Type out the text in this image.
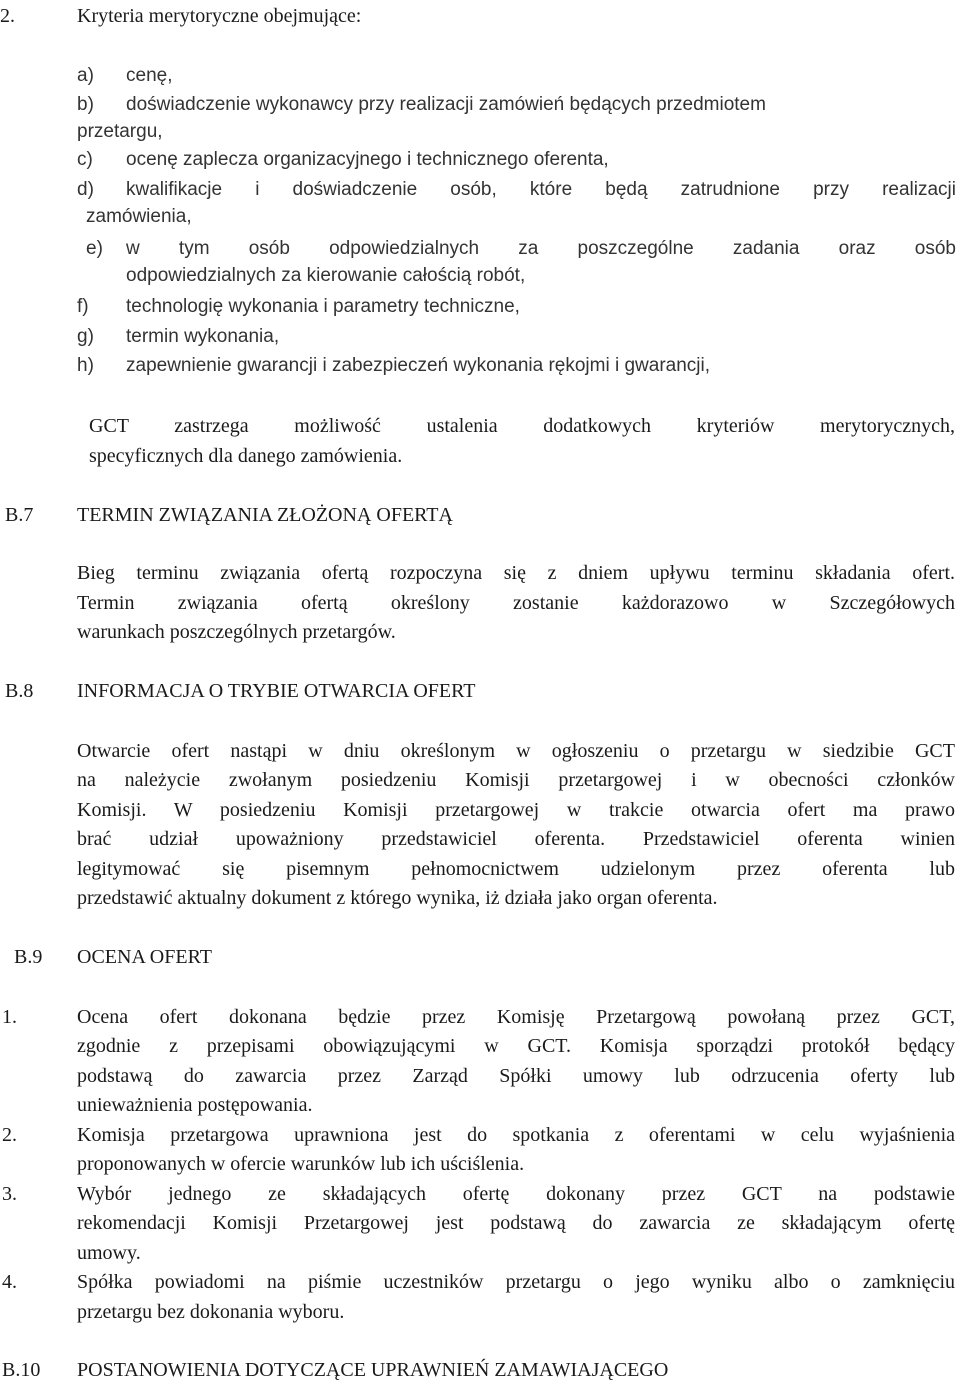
2.	Kryteria merytoryczne obejmujące:
a) cenę,
b) doświadczenie wykonawcy przy realizacji zamówień będących przedmiotem
przetargu,
c) ocenę zaplecza organizacyjnego i technicznego oferenta,
d) kwalifikacje i doświadczenie osób, które będą zatrudnione przy realizacji
zamówienia,
e) w tym osób odpowiedzialnych za poszczególne zadania oraz osób
odpowiedzialnych za kierowanie całością robót,
f) technologię wykonania i parametry techniczne,
g) termin wykonania,
h) zapewnienie gwarancji i zabezpieczeń wykonania rękojmi i gwarancji,
GCT zastrzega możliwość ustalenia dodatkowych kryteriów merytorycznych,
specyficznych dla danego zamówienia.
B.7 TERMIN ZWIĄZANIA ZŁOŻONĄ OFERTĄ
Bieg terminu związania ofertą rozpoczyna się z dniem upływu terminu składania ofert.
Termin związania ofertą określony zostanie każdorazowo w Szczegółowych
warunkach poszczególnych przetargów.
B.8 INFORMACJA O TRYBIE OTWARCIA OFERT
Otwarcie ofert nastąpi w dniu określonym w ogłoszeniu o przetargu w siedzibie GCT
na należycie zwołanym posiedzeniu Komisji przetargowej i w obecności członków
Komisji. W posiedzeniu Komisji przetargowej w trakcie otwarcia ofert ma prawo
brać udział upoważniony przedstawiciel oferenta. Przedstawiciel oferenta winien
legitymować się pisemnym pełnomocnictwem udzielonym przez oferenta lub
przedstawić aktualny dokument z którego wynika, iż działa jako organ oferenta.
B.9 OCENA OFERT
1.	Ocena ofert dokonana będzie przez Komisję Przetargową powołaną przez GCT,
zgodnie z przepisami obowiązującymi w GCT. Komisja sporządzi protokół będący
podstawą do zawarcia przez Zarząd Spółki umowy lub odrzucenia oferty lub
unieważnienia postępowania.
2.	Komisja przetargowa uprawniona jest do spotkania z oferentami w celu wyjaśnienia
proponowanych w ofercie warunków lub ich uściślenia.
3.	Wybór jednego ze składających ofertę dokonany przez GCT na podstawie
rekomendacji Komisji Przetargowej jest podstawą do zawarcia ze składającym ofertę
umowy.
4.	Spółka powiadomi na piśmie uczestników przetargu o jego wyniku albo o zamknięciu
przetargu bez dokonania wyboru.
B.10 POSTANOWIENIA DOTYCZĄCE UPRAWNIEŃ ZAMAWIAJĄCEGO
